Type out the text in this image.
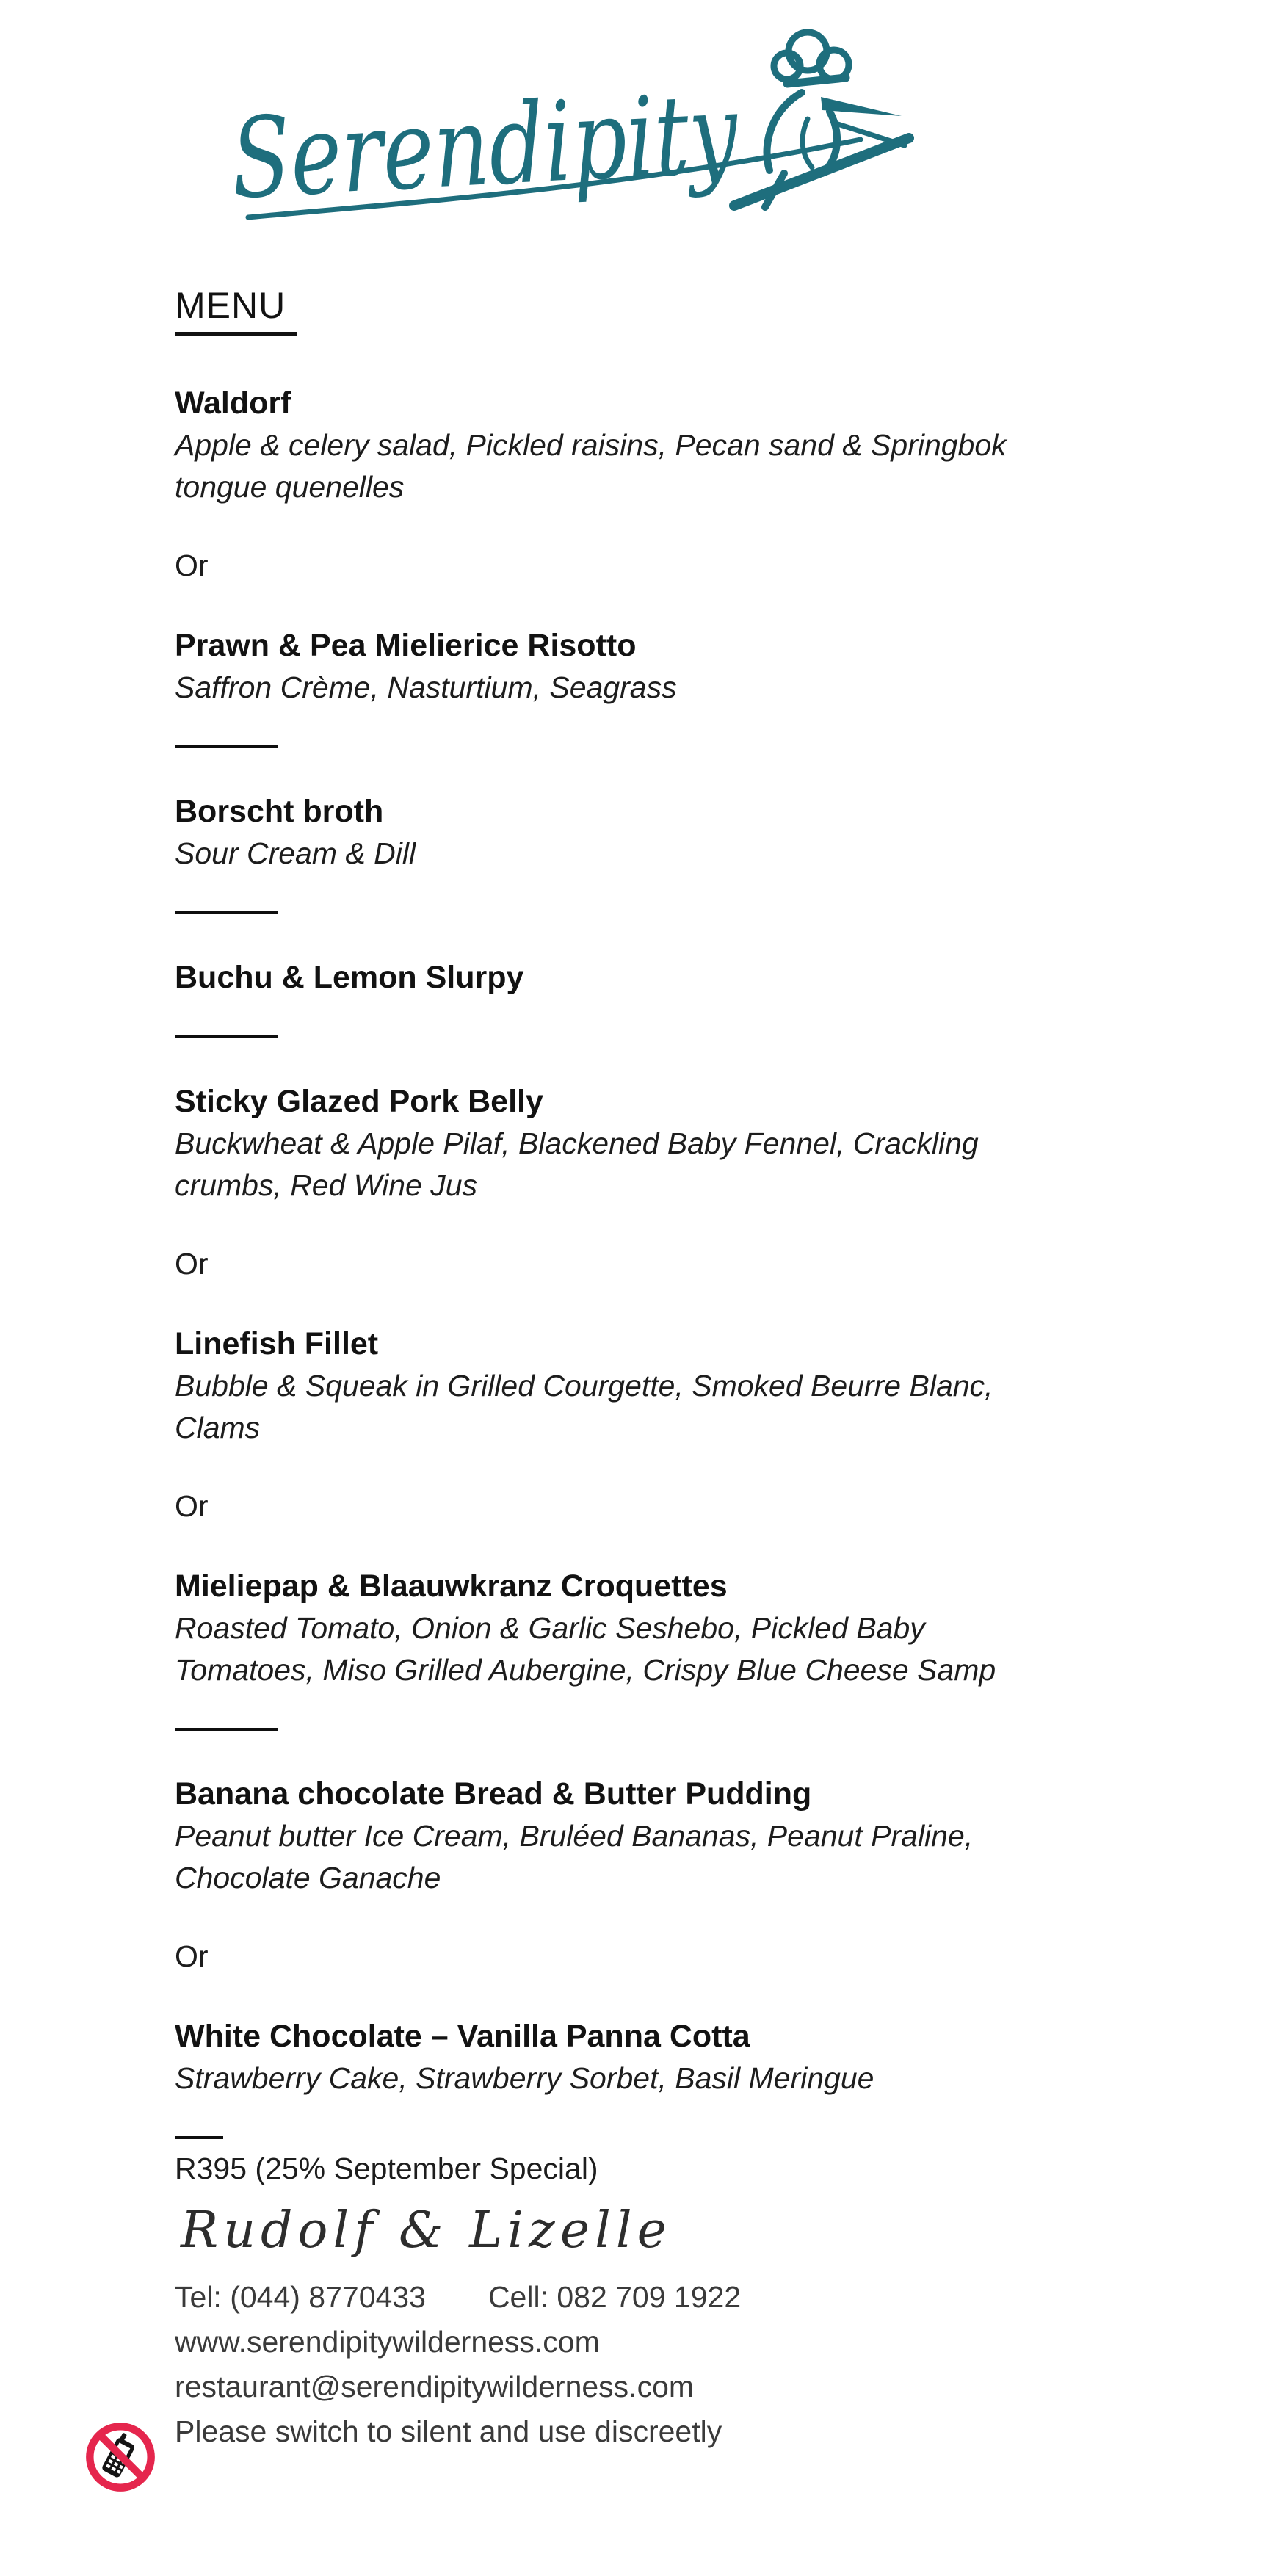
Serendipity
MENU
Waldorf
Apple & celery salad, Pickled raisins, Pecan sand & Springbok tongue quenelles
Or
Prawn & Pea Mielierice Risotto
Saffron Crème, Nasturtium, Seagrass
Borscht broth
Sour Cream & Dill
Buchu & Lemon Slurpy
Sticky Glazed Pork Belly
Buckwheat & Apple Pilaf, Blackened Baby Fennel, Crackling crumbs, Red Wine Jus
Or
Linefish Fillet
Bubble & Squeak in Grilled Courgette, Smoked Beurre Blanc, Clams
Or
Mieliepap & Blaauwkranz Croquettes
Roasted Tomato, Onion & Garlic Seshebo, Pickled Baby Tomatoes, Miso Grilled Aubergine, Crispy Blue Cheese Samp
Banana chocolate Bread & Butter Pudding
Peanut butter Ice Cream, Bruléed Bananas, Peanut Praline, Chocolate Ganache
Or
White Chocolate – Vanilla Panna Cotta
Strawberry Cake, Strawberry Sorbet, Basil Meringue
R395 (25% September Special)
Rudolf & Lizelle
Tel: (044) 8770433 Cell: 082 709 1922
www.serendipitywilderness.com
restaurant@serendipitywilderness.com
Please switch to silent and use discreetly
